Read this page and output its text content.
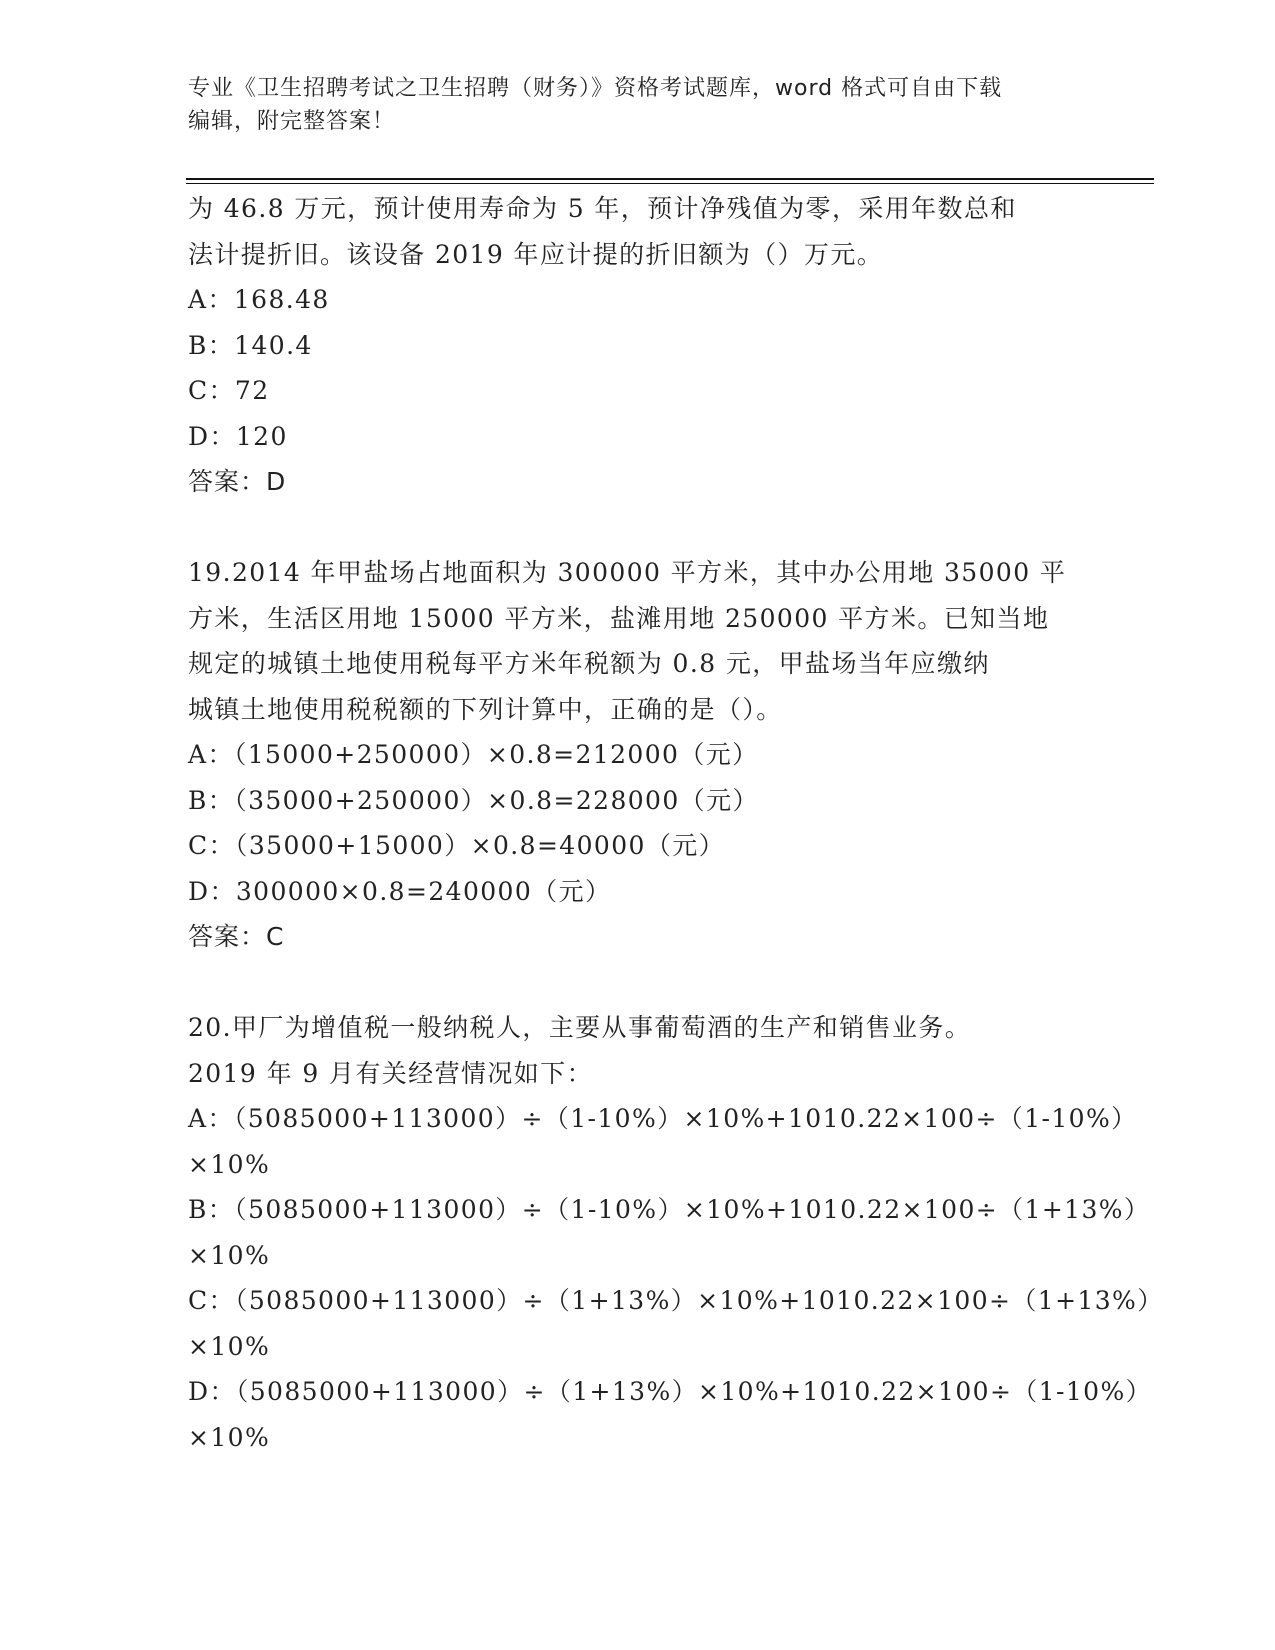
专业《卫生招聘考试之卫生招聘（财务）》资格考试题库，word 格式可自由下载
编辑，附完整答案！
为 46.8 万元，预计使用寿命为 5 年，预计净残值为零，采用年数总和
法计提折旧。该设备 2019 年应计提的折旧额为（）万元。
A：168.48
B：140.4
C：72
D：120
答案：D
19.2014 年甲盐场占地面积为 300000 平方米，其中办公用地 35000 平
方米，生活区用地 15000 平方米，盐滩用地 250000 平方米。已知当地
规定的城镇土地使用税每平方米年税额为 0.8 元，甲盐场当年应缴纳
城镇土地使用税税额的下列计算中，正确的是（）。
A：（15000+250000）×0.8=212000（元）
B：（35000+250000）×0.8=228000（元）
C：（35000+15000）×0.8=40000（元）
D：300000×0.8=240000（元）
答案：C
20.甲厂为增值税一般纳税人，主要从事葡萄酒的生产和销售业务。
2019 年 9 月有关经营情况如下：
A：（5085000+113000）÷（1-10%）×10%+1010.22×100÷（1-10%）
×10%
B：（5085000+113000）÷（1-10%）×10%+1010.22×100÷（1+13%）
×10%
C：（5085000+113000）÷（1+13%）×10%+1010.22×100÷（1+13%）
×10%
D：（5085000+113000）÷（1+13%）×10%+1010.22×100÷（1-10%）
×10%
